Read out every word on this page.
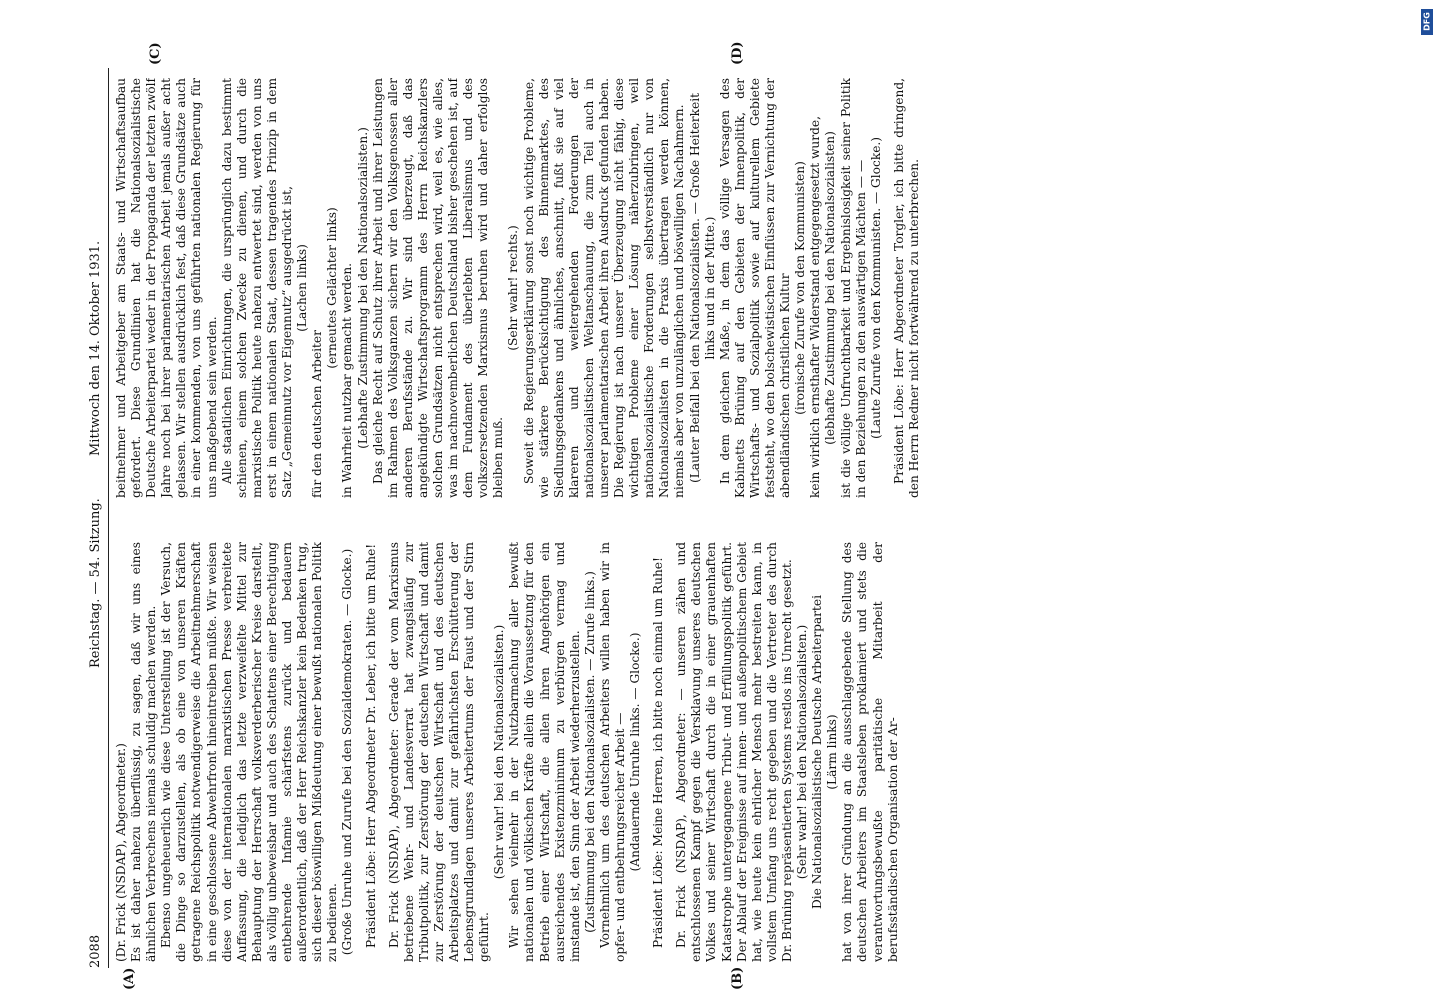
2088
Reichstag. — 54. Sitzung.
Mittwoch den 14. Oktober 1931.
(A)	(B)
(C)	(D)

(Dr. Frick (NSDAP), Abgeordneter.) Es ist daher nahezu überflüssig, zu sagen, daß wir uns eines ähnlichen Verbrechens niemals schuldig machen werden. Ebenso ungeheuerlich wie diese Unterstellung ist der Versuch, die Dinge so darzustellen, als ob eine von unseren Kräften getragene Reichspolitik notwendigerweise die Arbeitnehmerschaft in eine geschlossene Abwehrfront hineintreiben müßte. Wir weisen diese von der internationalen marxistischen Presse verbreitete Auffassung, die lediglich das letzte verzweifelte Mittel zur Behauptung der Herrschaft volksverderberischer Kreise darstellt, als völlig unbeweisbar und auch des Schattens einer Berechtigung entbehrende Infamie schärfstens zurück und bedauern außerordentlich, daß der Herr Reichskanzler kein Bedenken trug, sich dieser böswilligen Mißdeutung einer bewußt nationalen Politik zu bedienen. (Große Unruhe und Zurufe bei den Sozialdemokraten. — Glocke.) Präsident Löbe: Herr Abgeordneter Dr. Leber, ich bitte um Ruhe! Dr. Frick (NSDAP), Abgeordneter: Gerade der vom Marxismus betriebene Wehr- und Landesverrat hat zwangsläufig zur Tributpolitik, zur Zerstörung der deutschen Wirtschaft und damit zur Zerstörung der deutschen Wirtschaft und des deutschen Arbeitsplatzes und damit zur gefährlichsten Erschütterung der Lebensgrundlagen unseres Arbeitertums der Faust und der Stirn geführt.

(Sehr wahr! bei den Nationalsozialisten.) Wir sehen vielmehr in der Nutzbarmachung aller bewußt nationalen und völkischen Kräfte allein die Voraussetzung für den Betrieb einer Wirtschaft, die allen ihren Angehörigen ein ausreichendes Existenzminimum zu verbürgen vermag und imstande ist, den Sinn der Arbeit wiederherzustellen. (Zustimmung bei den Nationalsozialisten. — Zurufe links.) Vornehmlich um des deutschen Arbeiters willen haben wir in opfer- und entbehrungsreicher Arbeit — (Andauernde Unruhe links. — Glocke.) Präsident Löbe: Meine Herren, ich bitte noch einmal um Ruhe! Dr. Frick (NSDAP), Abgeordneter: — unseren zähen und entschlossenen Kampf gegen die Versklavung unseres deutschen Volkes und seiner Wirtschaft durch die in einer grauenhaften Katastrophe untergegangene Tribut- und Erfüllungspolitik geführt. Der Ablauf der Ereignisse auf innen- und außenpolitischem Gebiet hat, wie heute kein ehrlicher Mensch mehr bestreiten kann, in vollstem Umfang uns recht gegeben und die Vertreter des durch Dr. Brüning repräsentierten Systems restlos ins Unrecht gesetzt. (Sehr wahr! bei den Nationalsozialisten.) Die Nationalsozialistische Deutsche Arbeiterpartei (Lärm links) hat von ihrer Gründung an die ausschlaggebende Stellung des deutschen Arbeiters im Staatsleben proklamiert und stets die verantwortungsbewußte paritätische Mitarbeit der berufsständischen Organisation der Ar-

beitnehmer und Arbeitgeber am Staats- und Wirtschaftsaufbau gefordert. Diese Grundlinien hat die Nationalsozialistische Deutsche Arbeiterpartei weder in der Propaganda der letzten zwölf Jahre noch bei ihrer parlamentarischen Arbeit jemals außer acht gelassen. Wir stellen ausdrücklich fest, daß diese Grundsätze auch in einer kommenden, von uns geführten nationalen Regierung für uns maßgebend sein werden. Alle staatlichen Einrichtungen, die ursprünglich dazu bestimmt schienen, einem solchen Zwecke zu dienen, und durch die marxistische Politik heute nahezu entwertet sind, werden von uns erst in einem nationalen Staat, dessen tragendes Prinzip in dem Satz „Gemeinnutz vor Eigennutz“ ausgedrückt ist, (Lachen links)

für den deutschen Arbeiter

(erneutes Gelächter links) in Wahrheit nutzbar gemacht werden. (Lebhafte Zustimmung bei den Nationalsozialisten.) Das gleiche Recht auf Schutz ihrer Arbeit und ihrer Leistungen im Rahmen des Volksganzen sichern wir den Volksgenossen aller anderen Berufsstände zu. Wir sind überzeugt, daß das angekündigte Wirtschaftsprogramm des Herrn Reichskanzlers solchen Grundsätzen nicht entsprechen wird, weil es, wie alles, was im nachnovemberlichen Deutschland bisher geschehen ist, auf dem Fundament des überlebten Liberalismus und des volkszersetzenden Marxismus beruhen wird und daher erfolglos bleiben muß.

(Sehr wahr! rechts.) Soweit die Regierungserklärung sonst noch wichtige Probleme, wie stärkere Berücksichtigung des Binnenmarktes, des Siedlungsgedankens und ähnliches, anschnitt, fußt sie auf viel klareren und weitergehenden Forderungen der nationalsozialistischen Weltanschauung, die zum Teil auch in unserer parlamentarischen Arbeit ihren Ausdruck gefunden haben. Die Regierung ist nach unserer Überzeugung nicht fähig, diese wichtigen Probleme einer Lösung näherzubringen, weil nationalsozialistische Forderungen selbstverständlich nur von Nationalsozialisten in die Praxis übertragen werden können, niemals aber von unzulänglichen und böswilligen Nachahmern. (Lauter Beifall bei den Nationalsozialisten. — Große Heiterkeit links und in der Mitte.) In dem gleichen Maße, in dem das völlige Versagen des Kabinetts Brüning auf den Gebieten der Innenpolitik, der Wirtschafts- und Sozialpolitik sowie auf kulturellem Gebiete feststeht, wo den bolschewistischen Einflüssen zur Vernichtung der abendländischen christlichen Kultur (ironische Zurufe von den Kommunisten) kein wirklich ernsthafter Widerstand entgegengesetzt wurde, (lebhafte Zustimmung bei den Nationalsozialisten) ist die völlige Unfruchtbarkeit und Ergebnislosigkeit seiner Politik in den Beziehungen zu den auswärtigen Mächten — — (Laute Zurufe von den Kommunisten. — Glocke.) Präsident Löbe: Herr Abgeordneter Torgler, ich bitte dringend, den Herrn Redner nicht fortwährend zu unterbrechen.

DFG
